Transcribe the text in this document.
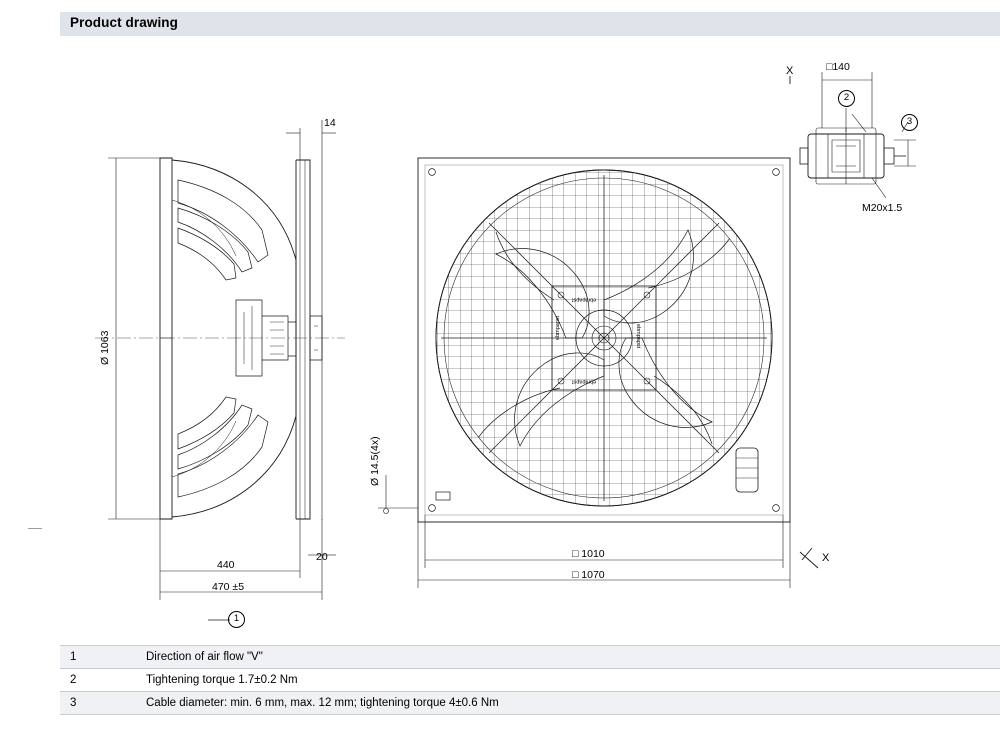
Product drawing
Ø 1063
14
440
470 ±5
20
1
Ø 14.5(4x)
□ 1010
□ 1070
X
X	□140
M20x1.5
2
3
ebmpapst
ebmpapst	ebmpapst
ebmpapst
1	Direction of air flow "V"
2	Tightening torque 1.7±0.2 Nm
3	Cable diameter: min. 6 mm, max. 12 mm; tightening torque 4±0.6 Nm
